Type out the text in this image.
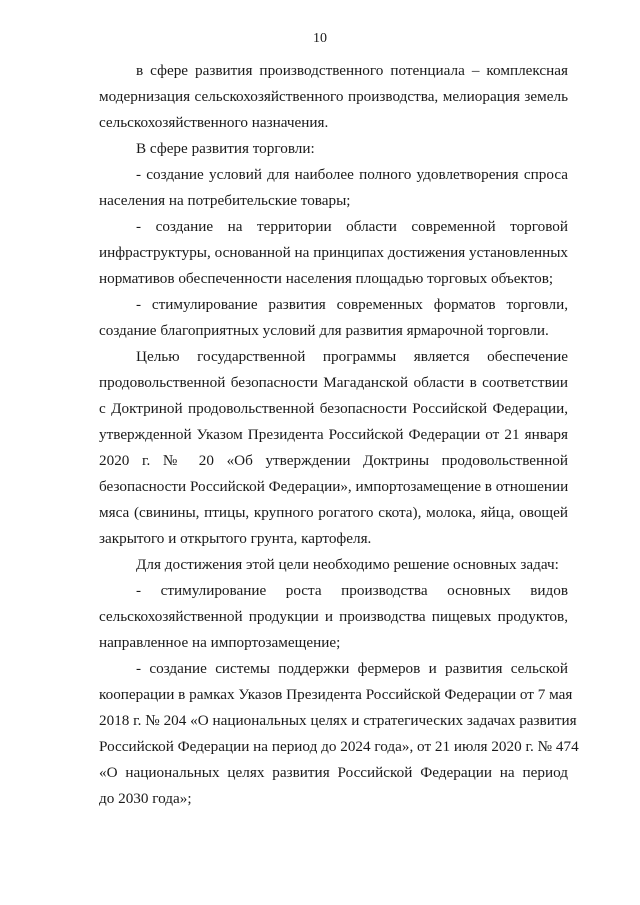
10
в сфере развития производственного потенциала – комплексная
модернизация сельскохозяйственного производства, мелиорация земель
сельскохозяйственного назначения.
В сфере развития торговли:
- создание условий для наиболее полного удовлетворения спроса
населения на потребительские товары;
- создание на территории области современной торговой
инфраструктуры, основанной на принципах достижения установленных
нормативов обеспеченности населения площадью торговых объектов;
- стимулирование развития современных форматов торговли,
создание благоприятных условий для развития ярмарочной торговли.
Целью государственной программы является обеспечение
продовольственной безопасности Магаданской области в соответствии
с Доктриной продовольственной безопасности Российской Федерации,
утвержденной Указом Президента Российской Федерации от 21 января
2020 г. № 20 «Об утверждении Доктрины продовольственной
безопасности Российской Федерации», импортозамещение в отношении
мяса (свинины, птицы, крупного рогатого скота), молока, яйца, овощей
закрытого и открытого грунта, картофеля.
Для достижения этой цели необходимо решение основных задач:
- стимулирование роста производства основных видов
сельскохозяйственной продукции и производства пищевых продуктов,
направленное на импортозамещение;
- создание системы поддержки фермеров и развития сельской
кооперации в рамках Указов Президента Российской Федерации от 7 мая
2018 г. № 204 «О национальных целях и стратегических задачах развития
Российской Федерации на период до 2024 года», от 21 июля 2020 г. № 474
«О национальных целях развития Российской Федерации на период
до 2030 года»;
